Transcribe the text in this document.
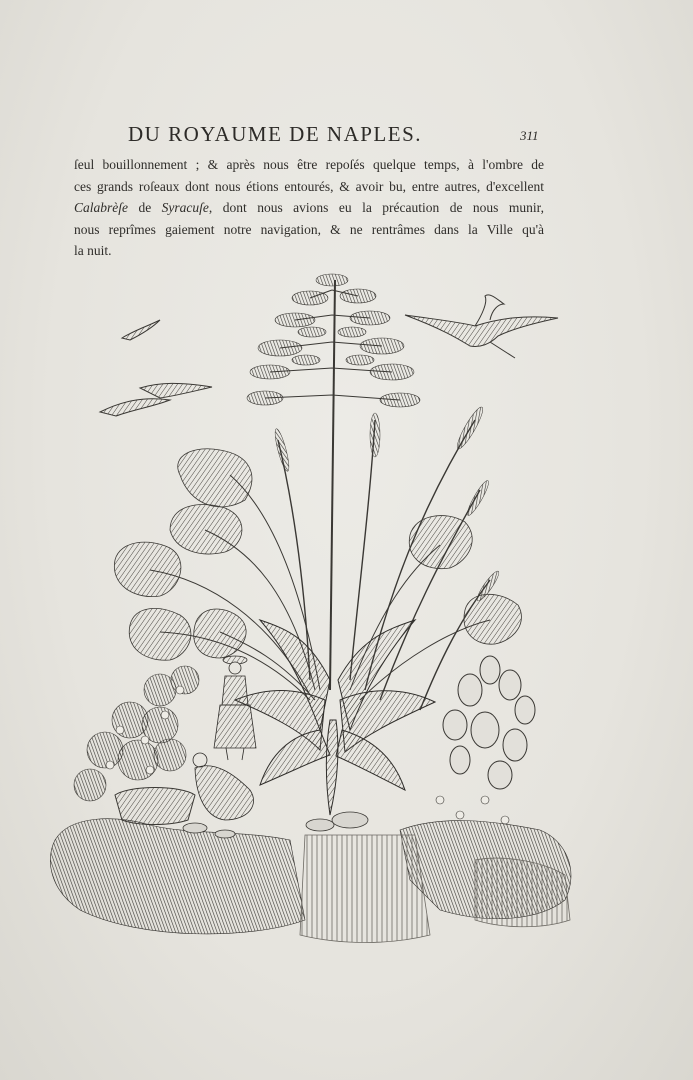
DU ROYAUME DE NAPLES.	311
ſeul bouillonnement ; & après nous être repoſés quelque temps, à l'ombre de
ces grands roſeaux dont nous étions entourés, & avoir bu, entre autres, d'excellent
Calabrèſe de Syracuſe, dont nous avions eu la précaution de nous munir,
nous reprîmes gaiement notre navigation, & ne rentrâmes dans la Ville qu'à
la nuit.
